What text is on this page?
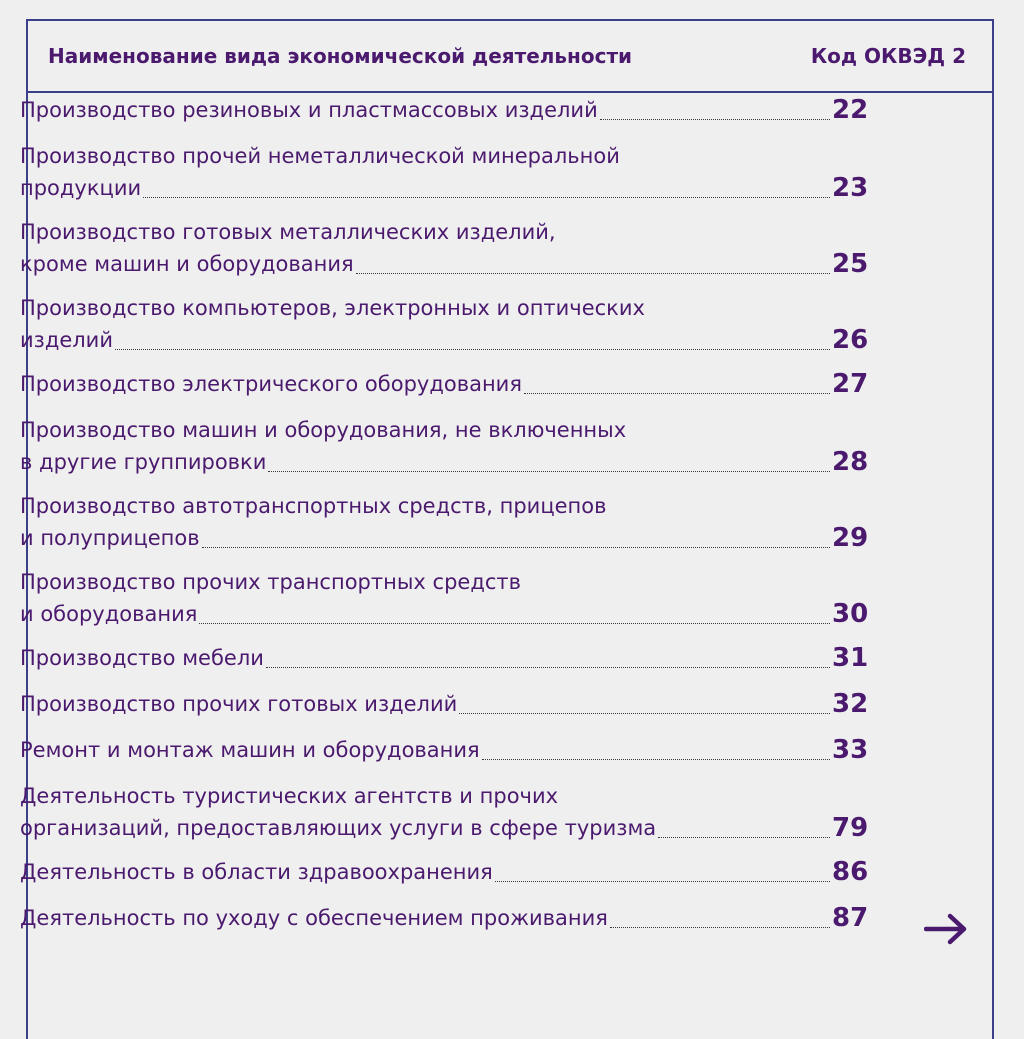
Наименование вида экономической деятельности	Код ОКВЭД 2
Производство резиновых и пластмассовых изделий	22
Производство прочей неметаллической минеральной
продукции	23
Производство готовых металлических изделий,
кроме машин и оборудования	25
Производство компьютеров, электронных и оптических
изделий	26
Производство электрического оборудования	27
Производство машин и оборудования, не включенных
в другие группировки	28
Производство автотранспортных средств, прицепов
и полуприцепов	29
Производство прочих транспортных средств
и оборудования	30
Производство мебели	31
Производство прочих готовых изделий	32
Ремонт и монтаж машин и оборудования	33
Деятельность туристических агентств и прочих
организаций, предоставляющих услуги в сфере туризма	79
Деятельность в области здравоохранения	86
Деятельность по уходу с обеспечением проживания	87
